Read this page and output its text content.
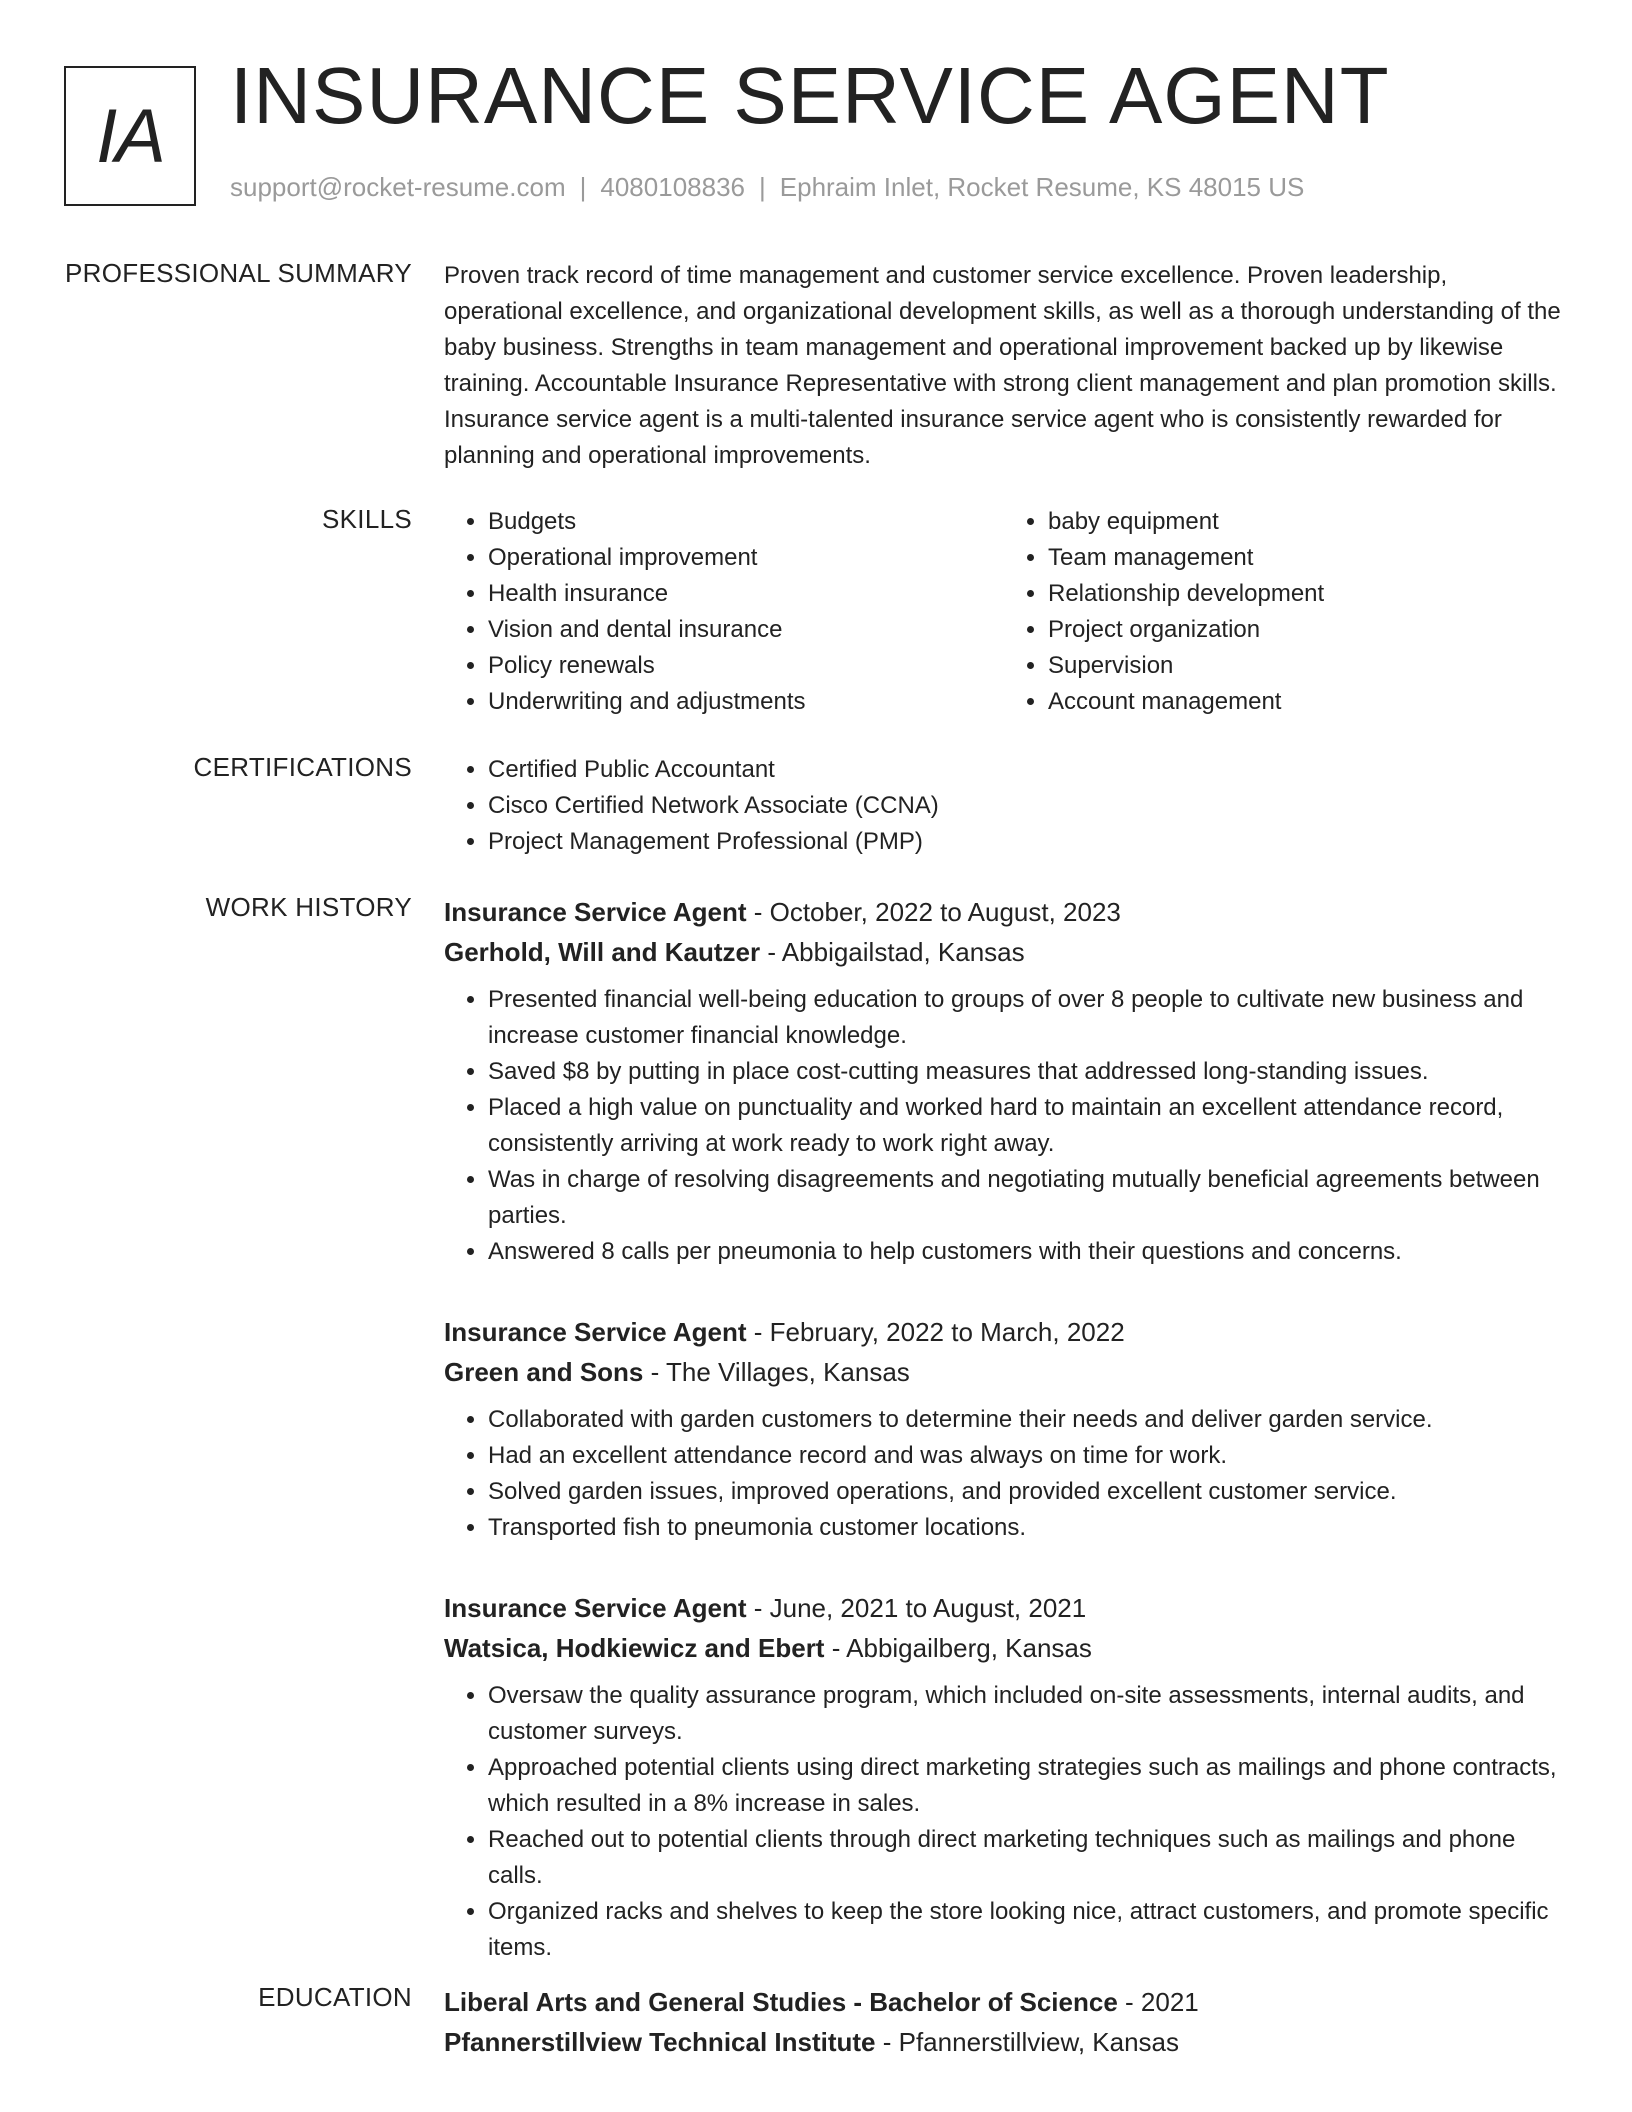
IA INSURANCE SERVICE AGENT
support@rocket-resume.com | 4080108836 | Ephraim Inlet, Rocket Resume, KS 48015 US
PROFESSIONAL SUMMARY Proven track record of time management and customer service excellence. Proven leadership, operational excellence, and organizational development skills, as well as a thorough understanding of the baby business. Strengths in team management and operational improvement backed up by likewise training. Accountable Insurance Representative with strong client management and plan promotion skills. Insurance service agent is a multi-talented insurance service agent who is consistently rewarded for planning and operational improvements.

SKILLS	• Budgets
• Operational improvement
• Health insurance
• Vision and dental insurance
• Policy renewals
• Underwriting and adjustments
• baby equipment
• Team management
• Relationship development
• Project organization
• Supervision
• Account management
CERTIFICATIONS	• Certified Public Accountant
• Cisco Certified Network Associate (CCNA)
• Project Management Professional (PMP)
WORK HISTORY Insurance Service Agent - October, 2022 to August, 2023
Gerhold, Will and Kautzer - Abbigailstad, Kansas
• Presented financial well-being education to groups of over 8 people to cultivate new business and increase customer financial knowledge.
• Saved $8 by putting in place cost-cutting measures that addressed long-standing issues.
• Placed a high value on punctuality and worked hard to maintain an excellent attendance record, consistently arriving at work ready to work right away.
• Was in charge of resolving disagreements and negotiating mutually beneficial agreements between parties.
• Answered 8 calls per pneumonia to help customers with their questions and concerns.
Insurance Service Agent - February, 2022 to March, 2022
Green and Sons - The Villages, Kansas
• Collaborated with garden customers to determine their needs and deliver garden service.
• Had an excellent attendance record and was always on time for work.
• Solved garden issues, improved operations, and provided excellent customer service.
• Transported fish to pneumonia customer locations.
Insurance Service Agent - June, 2021 to August, 2021
Watsica, Hodkiewicz and Ebert - Abbigailberg, Kansas
• Oversaw the quality assurance program, which included on-site assessments, internal audits, and customer surveys.
• Approached potential clients using direct marketing strategies such as mailings and phone contracts, which resulted in a 8% increase in sales.
• Reached out to potential clients through direct marketing techniques such as mailings and phone calls.
• Organized racks and shelves to keep the store looking nice, attract customers, and promote specific items.
EDUCATION Liberal Arts and General Studies - Bachelor of Science - 2021
Pfannerstillview Technical Institute - Pfannerstillview, Kansas
